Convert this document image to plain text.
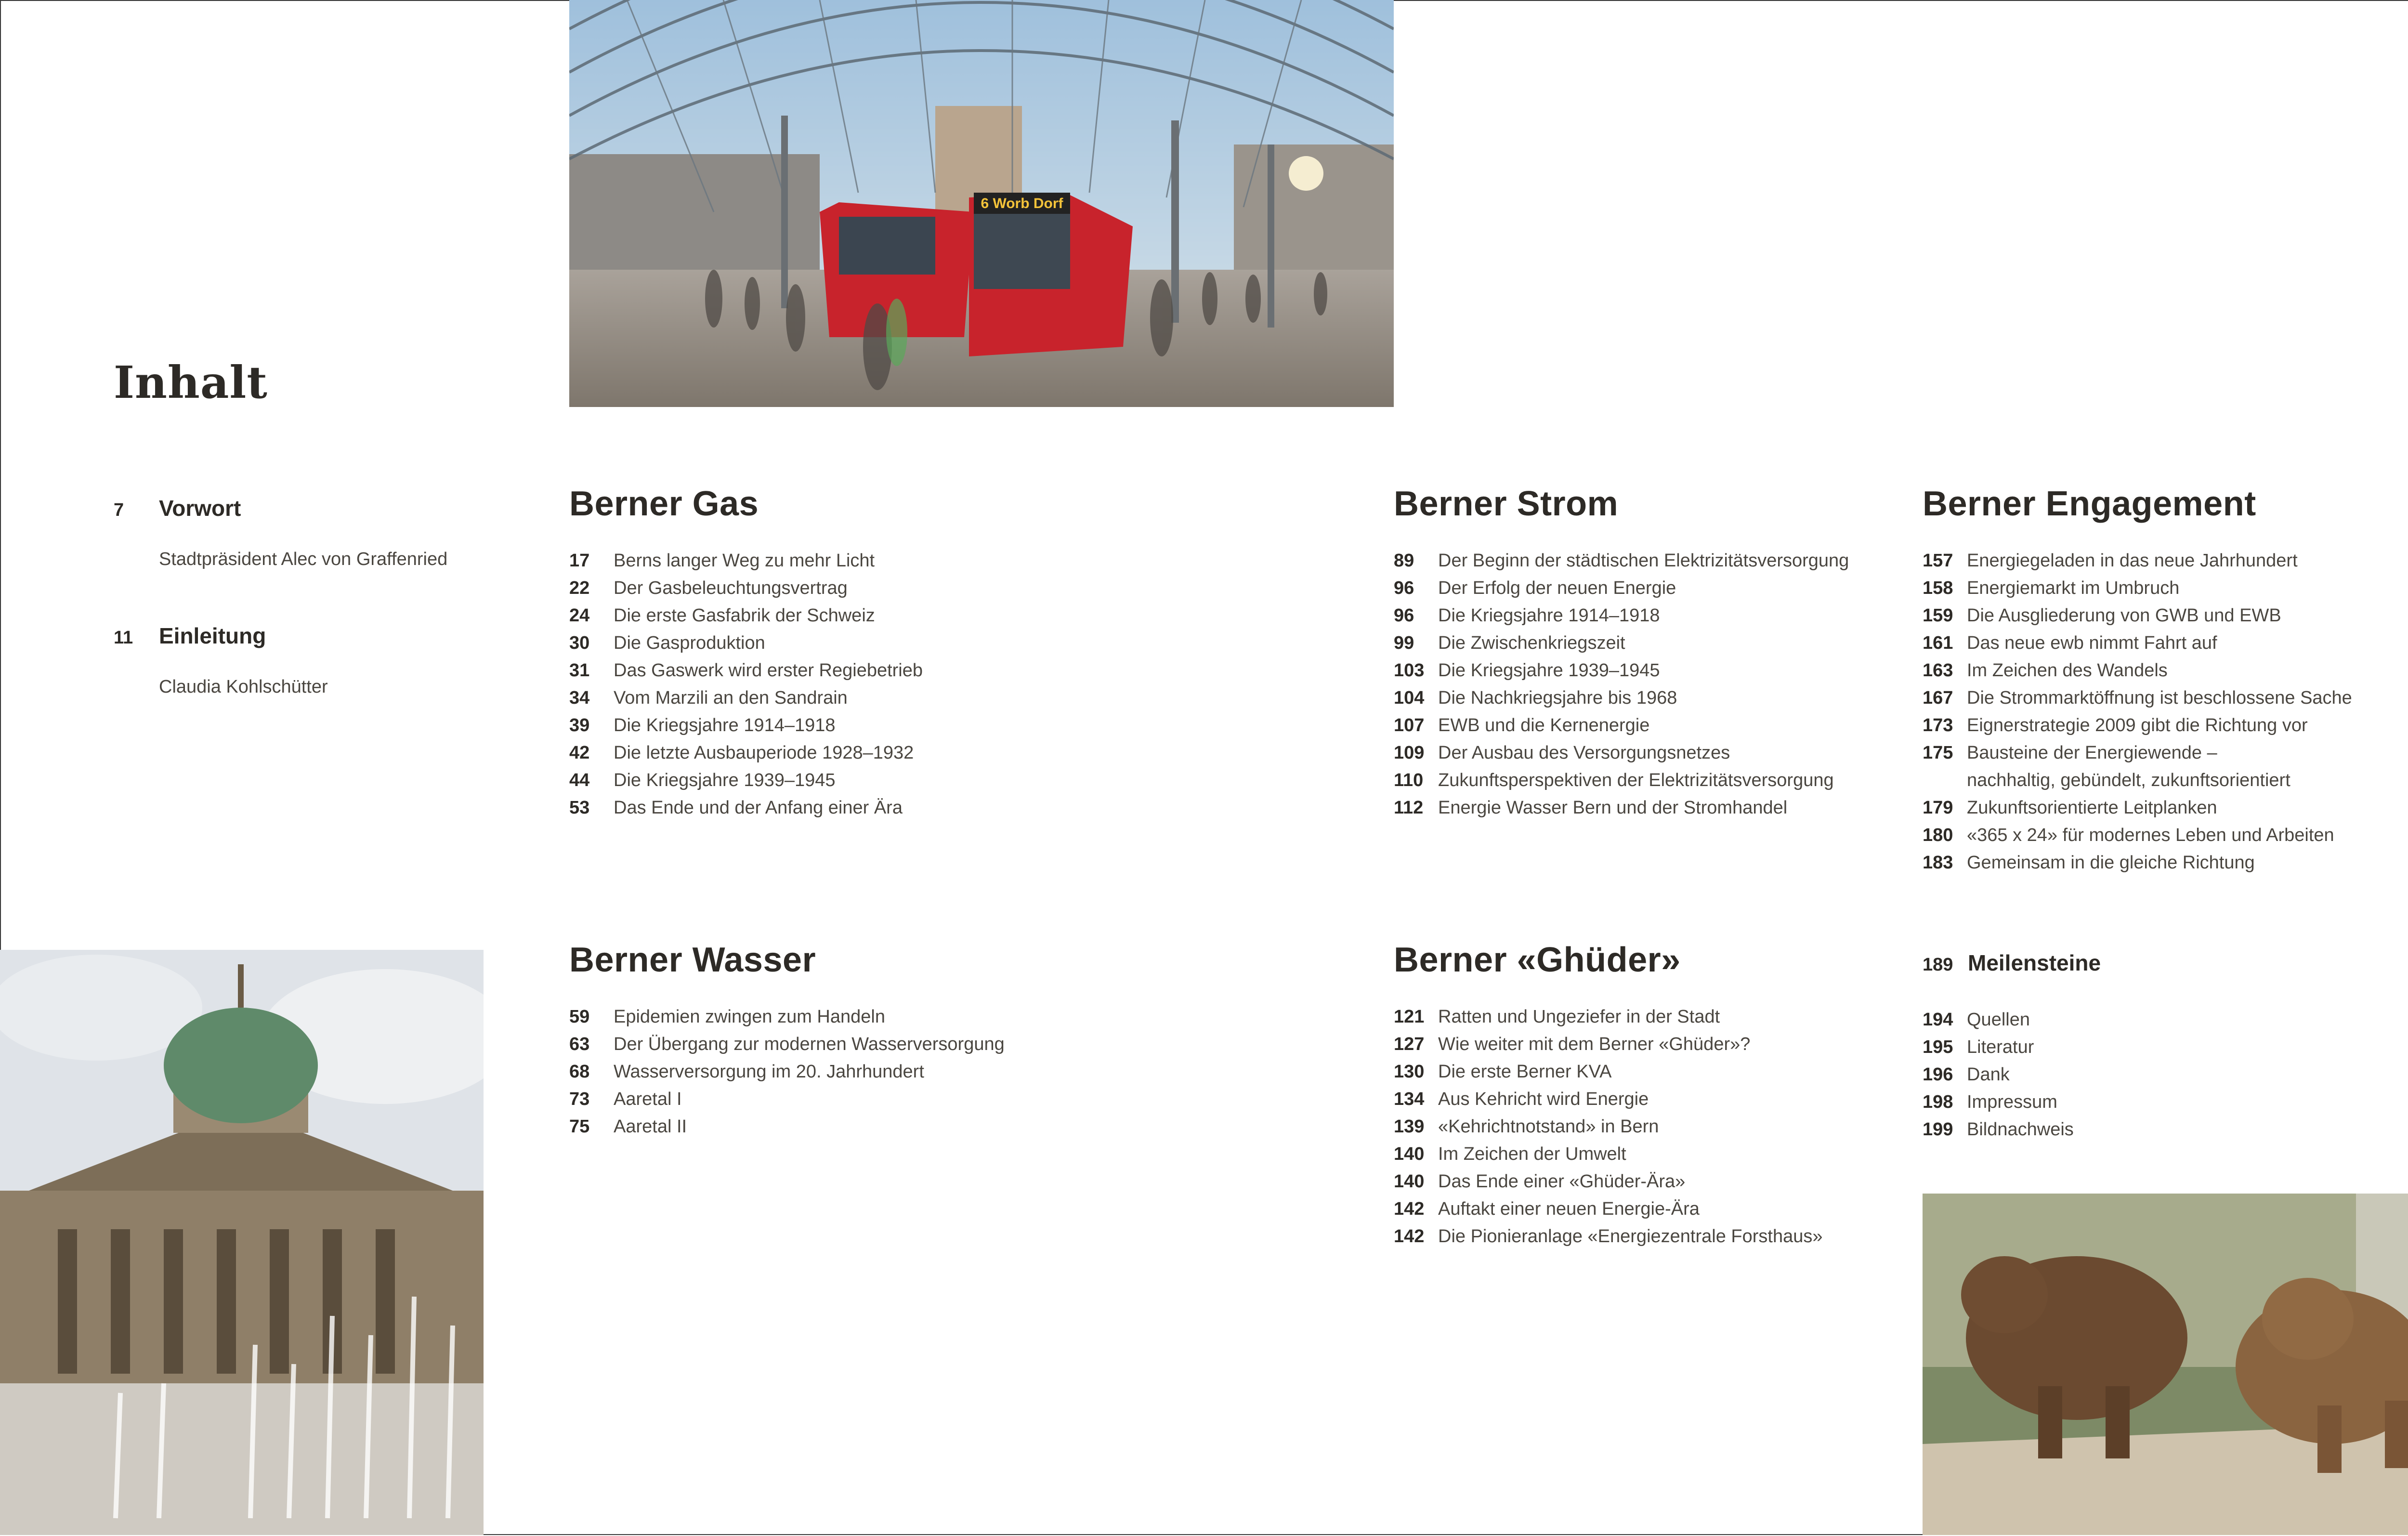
6 Worb Dorf
Inhalt
7	Vorwort
Stadtpräsident Alec von Graffenried
11	Einleitung
Claudia Kohlschütter
Berner Gas
17	Berns langer Weg zu mehr Licht
22	Der Gasbeleuchtungsvertrag
24	Die erste Gasfabrik der Schweiz
30	Die Gasproduktion
31	Das Gaswerk wird erster Regiebetrieb
34	Vom Marzili an den Sandrain
39	Die Kriegsjahre 1914–1918
42	Die letzte Ausbauperiode 1928–1932
44	Die Kriegsjahre 1939–1945
53	Das Ende und der Anfang einer Ära
Berner Strom
89	Der Beginn der städtischen Elektrizitätsversorgung
96	Der Erfolg der neuen Energie
96	Die Kriegsjahre 1914–1918
99	Die Zwischenkriegszeit
103 Die Kriegsjahre 1939–1945
104 Die Nachkriegsjahre bis 1968
107 EWB und die Kernenergie
109 Der Ausbau des Versorgungsnetzes
110 Zukunftsperspektiven der Elektrizitätsversorgung
112 Energie Wasser Bern und der Stromhandel
Berner Engagement
157 Energiegeladen in das neue Jahrhundert
158 Energiemarkt im Umbruch
159 Die Ausgliederung von GWB und EWB
161 Das neue ewb nimmt Fahrt auf
163 Im Zeichen des Wandels
167 Die Strommarktöffnung ist beschlossene Sache
173 Eignerstrategie 2009 gibt die Richtung vor
175 Bausteine der Energiewende –
nachhaltig, gebündelt, zukunftsorientiert
179 Zukunftsorientierte Leitplanken
180 «365 x 24» für modernes Leben und Arbeiten
183 Gemeinsam in die gleiche Richtung
Berner Wasser
59	Epidemien zwingen zum Handeln
63	Der Übergang zur modernen Wasserversorgung
68	Wasserversorgung im 20. Jahrhundert
73	Aaretal I
75	Aaretal II
Berner «Ghüder»
121 Ratten und Ungeziefer in der Stadt
127 Wie weiter mit dem Berner «Ghüder»?
130 Die erste Berner KVA
134 Aus Kehricht wird Energie
139 «Kehrichtnotstand» in Bern
140 Im Zeichen der Umwelt
140 Das Ende einer «Ghüder-Ära»
142 Auftakt einer neuen Energie-Ära
142 Die Pionieranlage «Energiezentrale Forsthaus»
189 Meilensteine
194 Quellen
195 Literatur
196 Dank
198 Impressum
199 Bildnachweis
